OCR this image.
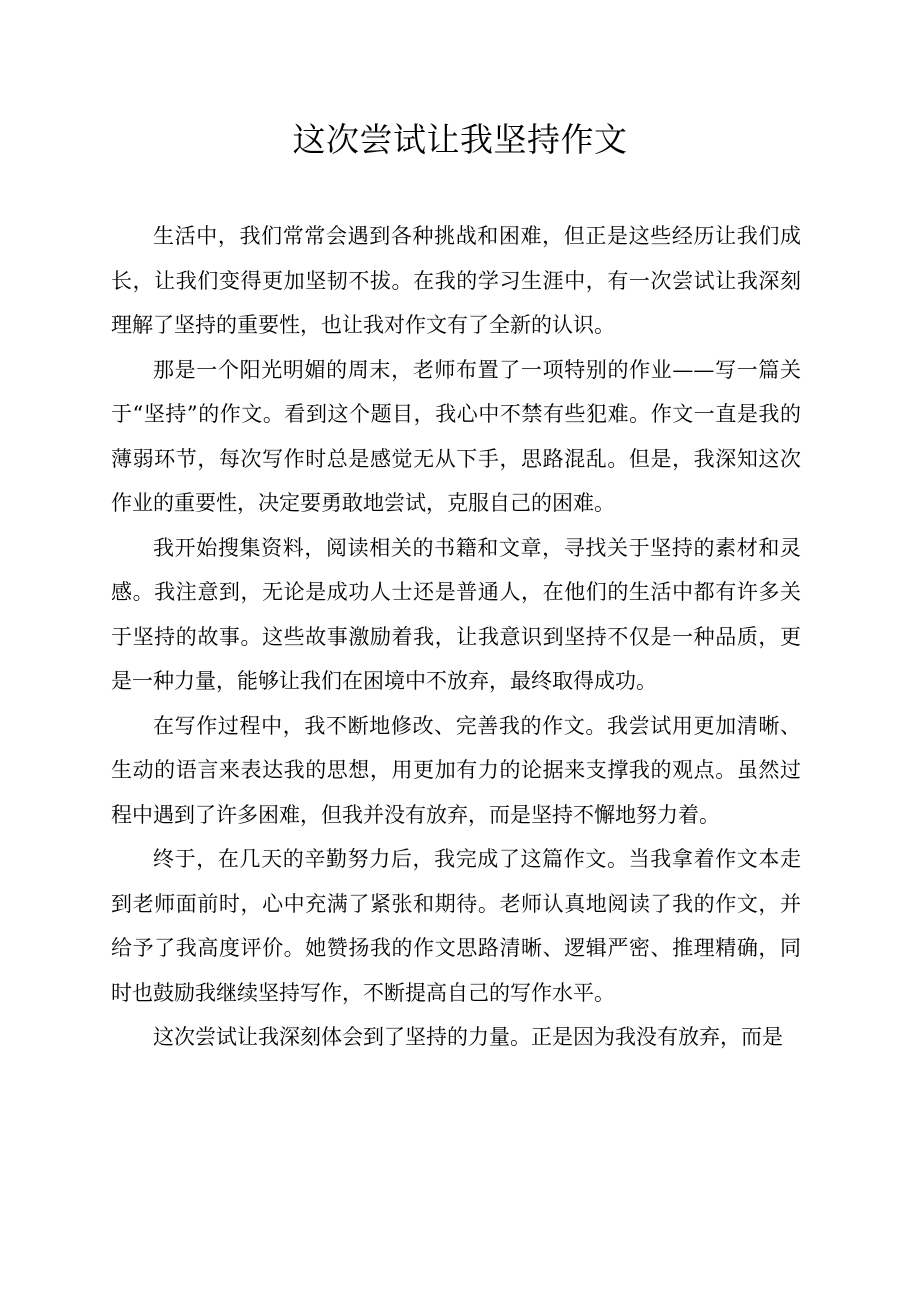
这次尝试让我坚持作文

生活中，我们常常会遇到各种挑战和困难，但正是这些经历让我们成长，让我们变得更加坚韧不拔。在我的学习生涯中，有一次尝试让我深刻理解了坚持的重要性，也让我对作文有了全新的认识。

那是一个阳光明媚的周末，老师布置了一项特别的作业——写一篇关于“坚持”的作文。看到这个题目，我心中不禁有些犯难。作文一直是我的薄弱环节，每次写作时总是感觉无从下手，思路混乱。但是，我深知这次作业的重要性，决定要勇敢地尝试，克服自己的困难。

我开始搜集资料，阅读相关的书籍和文章，寻找关于坚持的素材和灵感。我注意到，无论是成功人士还是普通人，在他们的生活中都有许多关于坚持的故事。这些故事激励着我，让我意识到坚持不仅是一种品质，更是一种力量，能够让我们在困境中不放弃，最终取得成功。

在写作过程中，我不断地修改、完善我的作文。我尝试用更加清晰、生动的语言来表达我的思想，用更加有力的论据来支撑我的观点。虽然过程中遇到了许多困难，但我并没有放弃，而是坚持不懈地努力着。

终于，在几天的辛勤努力后，我完成了这篇作文。当我拿着作文本走到老师面前时，心中充满了紧张和期待。老师认真地阅读了我的作文，并给予了我高度评价。她赞扬我的作文思路清晰、逻辑严密、推理精确，同时也鼓励我继续坚持写作，不断提高自己的写作水平。

这次尝试让我深刻体会到了坚持的力量。正是因为我没有放弃，而是
